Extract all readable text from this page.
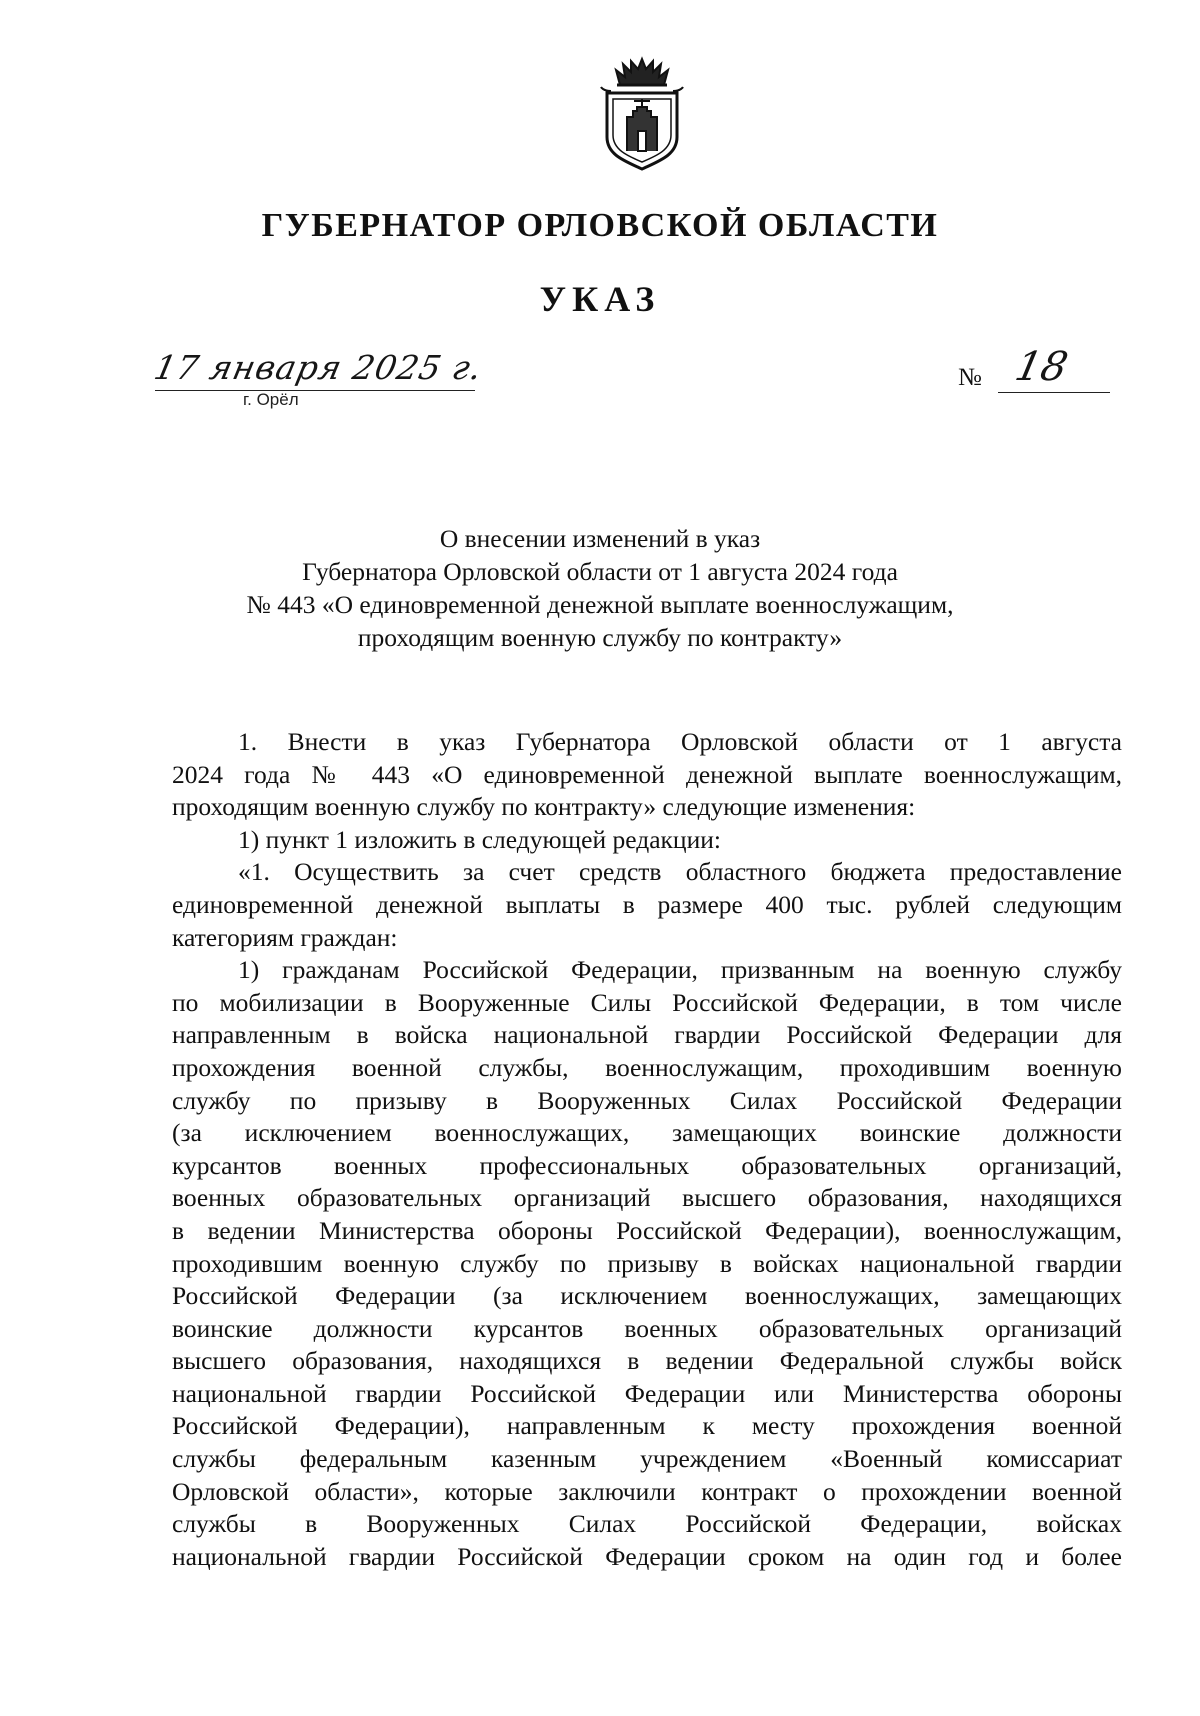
ГУБЕРНАТОР ОРЛОВСКОЙ ОБЛАСТИ
УКАЗ
17 января 2025 г.
г. Орёл
№ 18
О внесении изменений в указ
Губернатора Орловской области от 1 августа 2024 года
№ 443 «О единовременной денежной выплате военнослужащим,
проходящим военную службу по контракту»
1. Внести в указ Губернатора Орловской области от 1 августа
2024 года № 443 «О единовременной денежной выплате военнослужащим,
проходящим военную службу по контракту» следующие изменения:
1) пункт 1 изложить в следующей редакции:
«1. Осуществить за счет средств областного бюджета предоставление
единовременной денежной выплаты в размере 400 тыс. рублей следующим
категориям граждан:
1) гражданам Российской Федерации, призванным на военную службу
по мобилизации в Вооруженные Силы Российской Федерации, в том числе
направленным в войска национальной гвардии Российской Федерации для
прохождения военной службы, военнослужащим, проходившим военную
службу по призыву в Вооруженных Силах Российской Федерации
(за исключением военнослужащих, замещающих воинские должности
курсантов военных профессиональных образовательных организаций,
военных образовательных организаций высшего образования, находящихся
в ведении Министерства обороны Российской Федерации), военнослужащим,
проходившим военную службу по призыву в войсках национальной гвардии
Российской Федерации (за исключением военнослужащих, замещающих
воинские должности курсантов военных образовательных организаций
высшего образования, находящихся в ведении Федеральной службы войск
национальной гвардии Российской Федерации или Министерства обороны
Российской Федерации), направленным к месту прохождения военной
службы федеральным казенным учреждением «Военный комиссариат
Орловской области», которые заключили контракт о прохождении военной
службы в Вооруженных Силах Российской Федерации, войсках
национальной гвардии Российской Федерации сроком на один год и более
